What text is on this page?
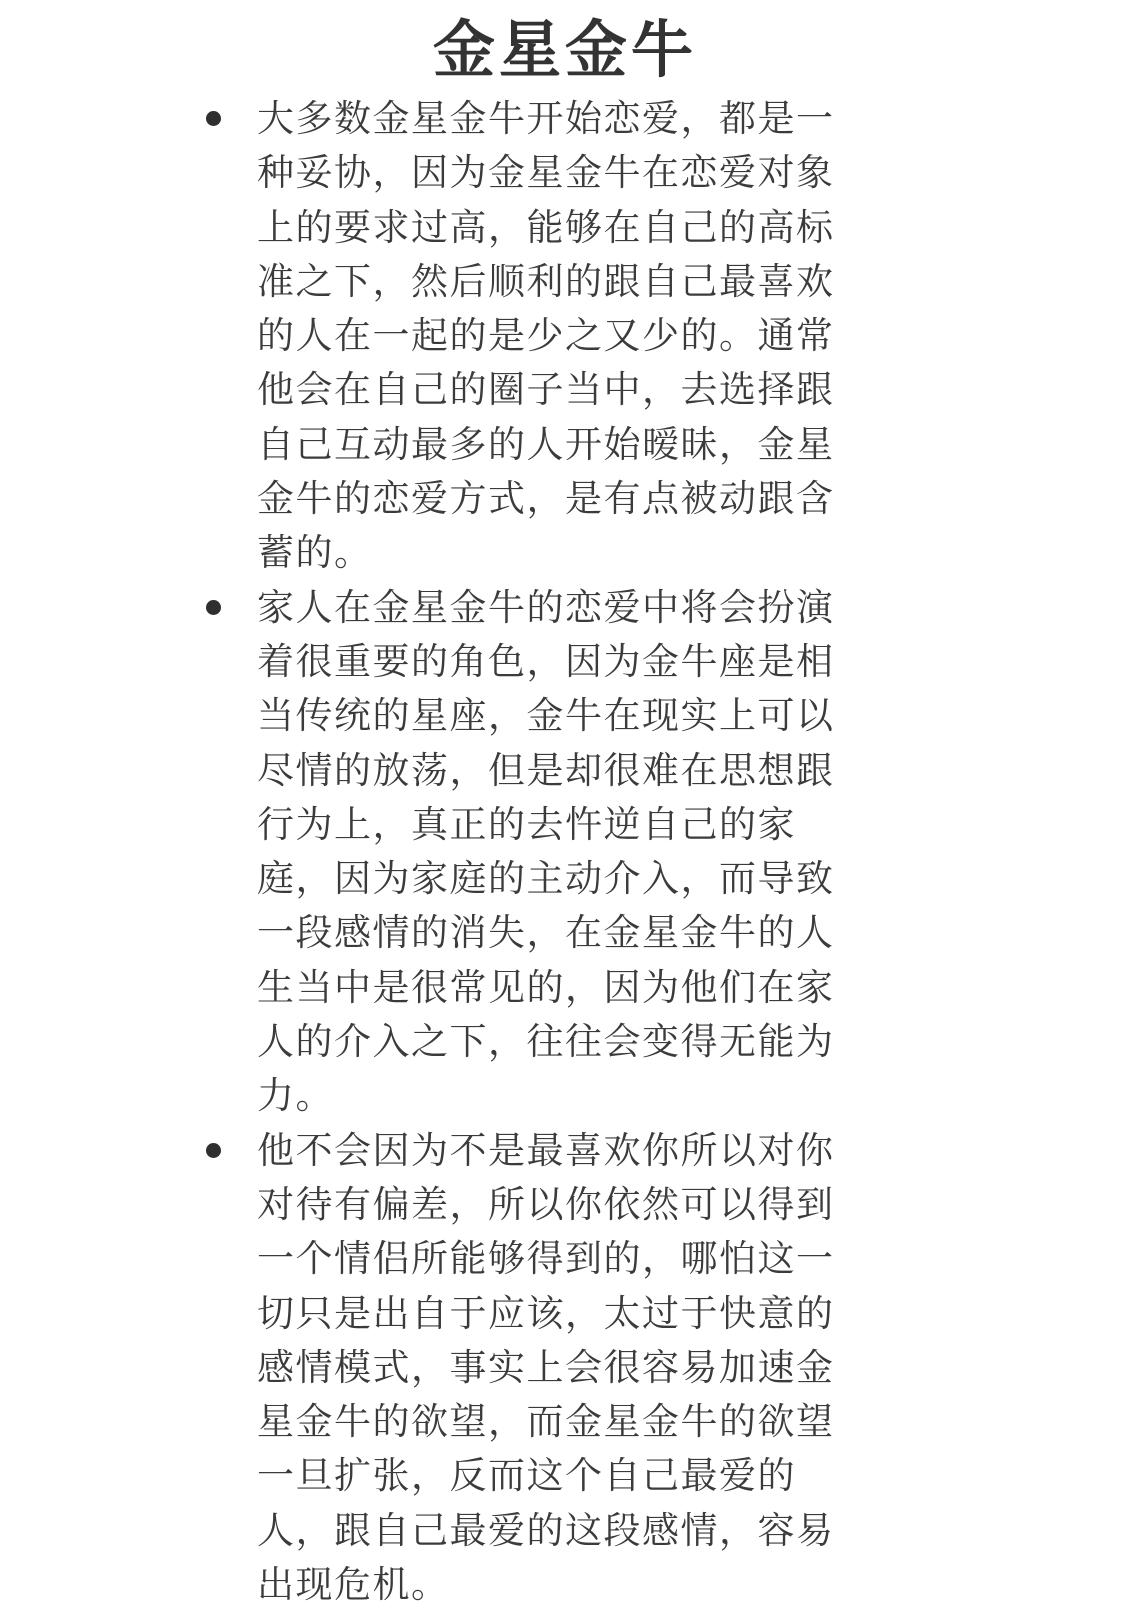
金星金牛
大多数金星金牛开始恋爱，都是一种妥协，因为金星金牛在恋爱对象上的要求过高，能够在自己的高标准之下，然后顺利的跟自己最喜欢的人在一起的是少之又少的。通常他会在自己的圈子当中，去选择跟自己互动最多的人开始暧昧，金星金牛的恋爱方式，是有点被动跟含蓄的。
家人在金星金牛的恋爱中将会扮演着很重要的角色，因为金牛座是相当传统的星座，金牛在现实上可以尽情的放荡，但是却很难在思想跟行为上，真正的去忤逆自己的家庭，因为家庭的主动介入，而导致一段感情的消失，在金星金牛的人生当中是很常见的，因为他们在家人的介入之下，往往会变得无能为力。
他不会因为不是最喜欢你所以对你对待有偏差，所以你依然可以得到一个情侣所能够得到的，哪怕这一切只是出自于应该，太过于快意的感情模式，事实上会很容易加速金星金牛的欲望，而金星金牛的欲望一旦扩张，反而这个自己最爱的人，跟自己最爱的这段感情，容易出现危机。
